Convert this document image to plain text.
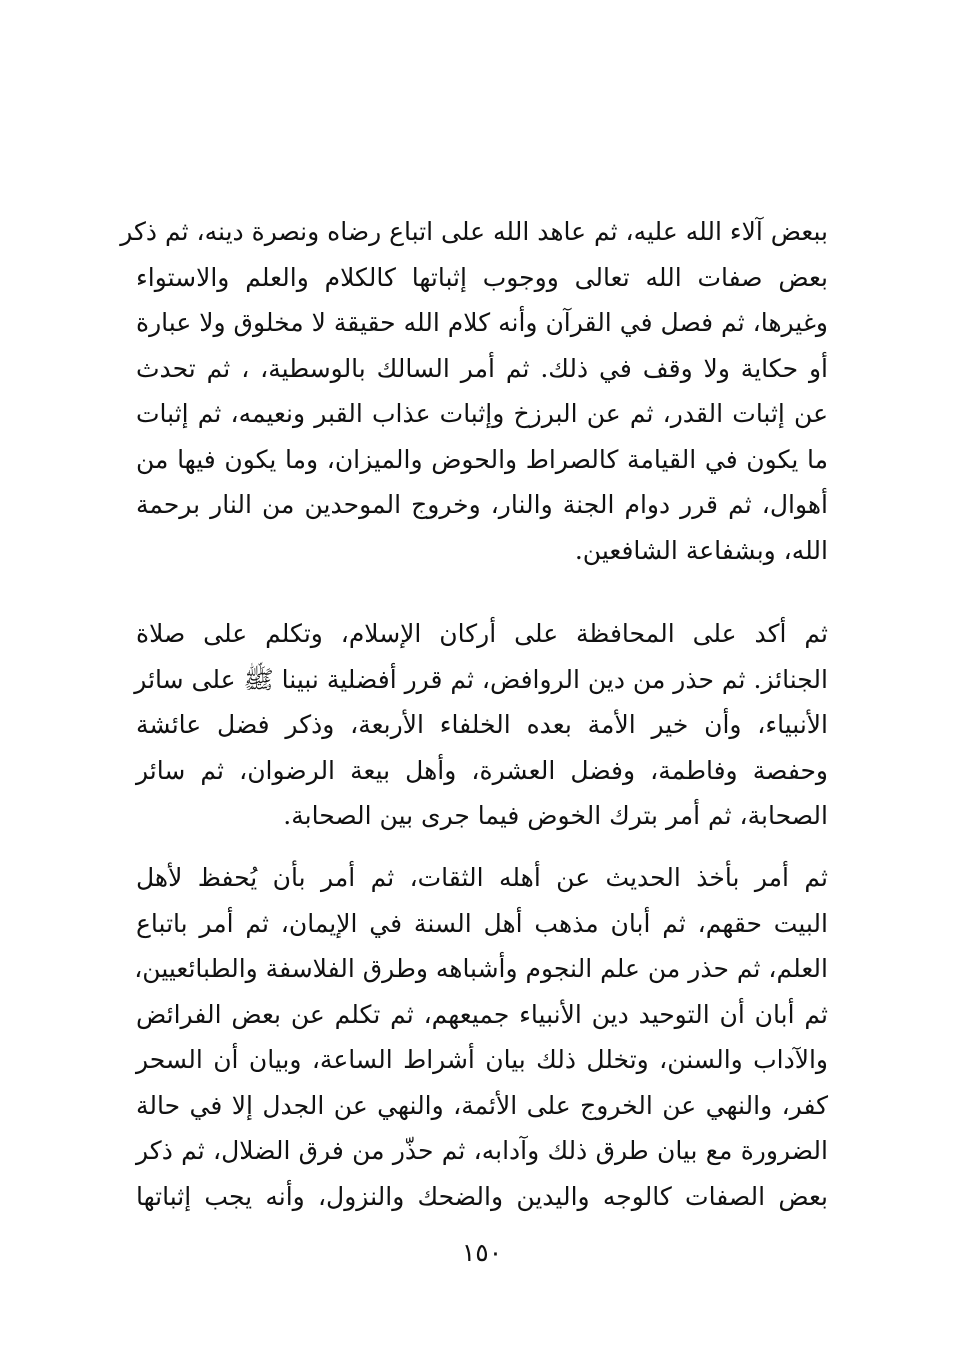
ببعض آلاء الله عليه، ثم عاهد الله على اتباع رضاه ونصرة دينه، ثم ذكر
بعض صفات الله تعالى ووجوب إثباتها كالكلام والعلم والاستواء
وغيرها، ثم فصل في القرآن وأنه كلام الله حقيقة لا مخلوق ولا عبارة
أو حكاية ولا وقف في ذلك. ثم أمر السالك بالوسطية، ، ثم تحدث
عن إثبات القدر، ثم عن البرزخ وإثبات عذاب القبر ونعيمه، ثم إثبات
ما يكون في القيامة كالصراط والحوض والميزان، وما يكون فيها من
أهوال، ثم قرر دوام الجنة والنار، وخروج الموحدين من النار برحمة
الله، وبشفاعة الشافعين.
ثم أكد على المحافظة على أركان الإسلام، وتكلم على صلاة
الجنائز. ثم حذر من دين الروافض، ثم قرر أفضلية نبينا ﷺ على سائر
الأنبياء، وأن خير الأمة بعده الخلفاء الأربعة، وذكر فضل عائشة
وحفصة وفاطمة، وفضل العشرة، وأهل بيعة الرضوان، ثم سائر
الصحابة، ثم أمر بترك الخوض فيما جرى بين الصحابة.
ثم أمر بأخذ الحديث عن أهله الثقات، ثم أمر بأن يُحفظ لأهل
البيت حقهم، ثم أبان مذهب أهل السنة في الإيمان، ثم أمر باتباع
العلم، ثم حذر من علم النجوم وأشباهه وطرق الفلاسفة والطبائعيين،
ثم أبان أن التوحيد دين الأنبياء جميعهم، ثم تكلم عن بعض الفرائض
والآداب والسنن، وتخلل ذلك بيان أشراط الساعة، وبيان أن السحر
كفر، والنهي عن الخروج على الأئمة، والنهي عن الجدل إلا في حالة
الضرورة مع بيان طرق ذلك وآدابه، ثم حذّر من فرق الضلال، ثم ذكر
بعض الصفات كالوجه واليدين والضحك والنزول، وأنه يجب إثباتها
١٥٠
